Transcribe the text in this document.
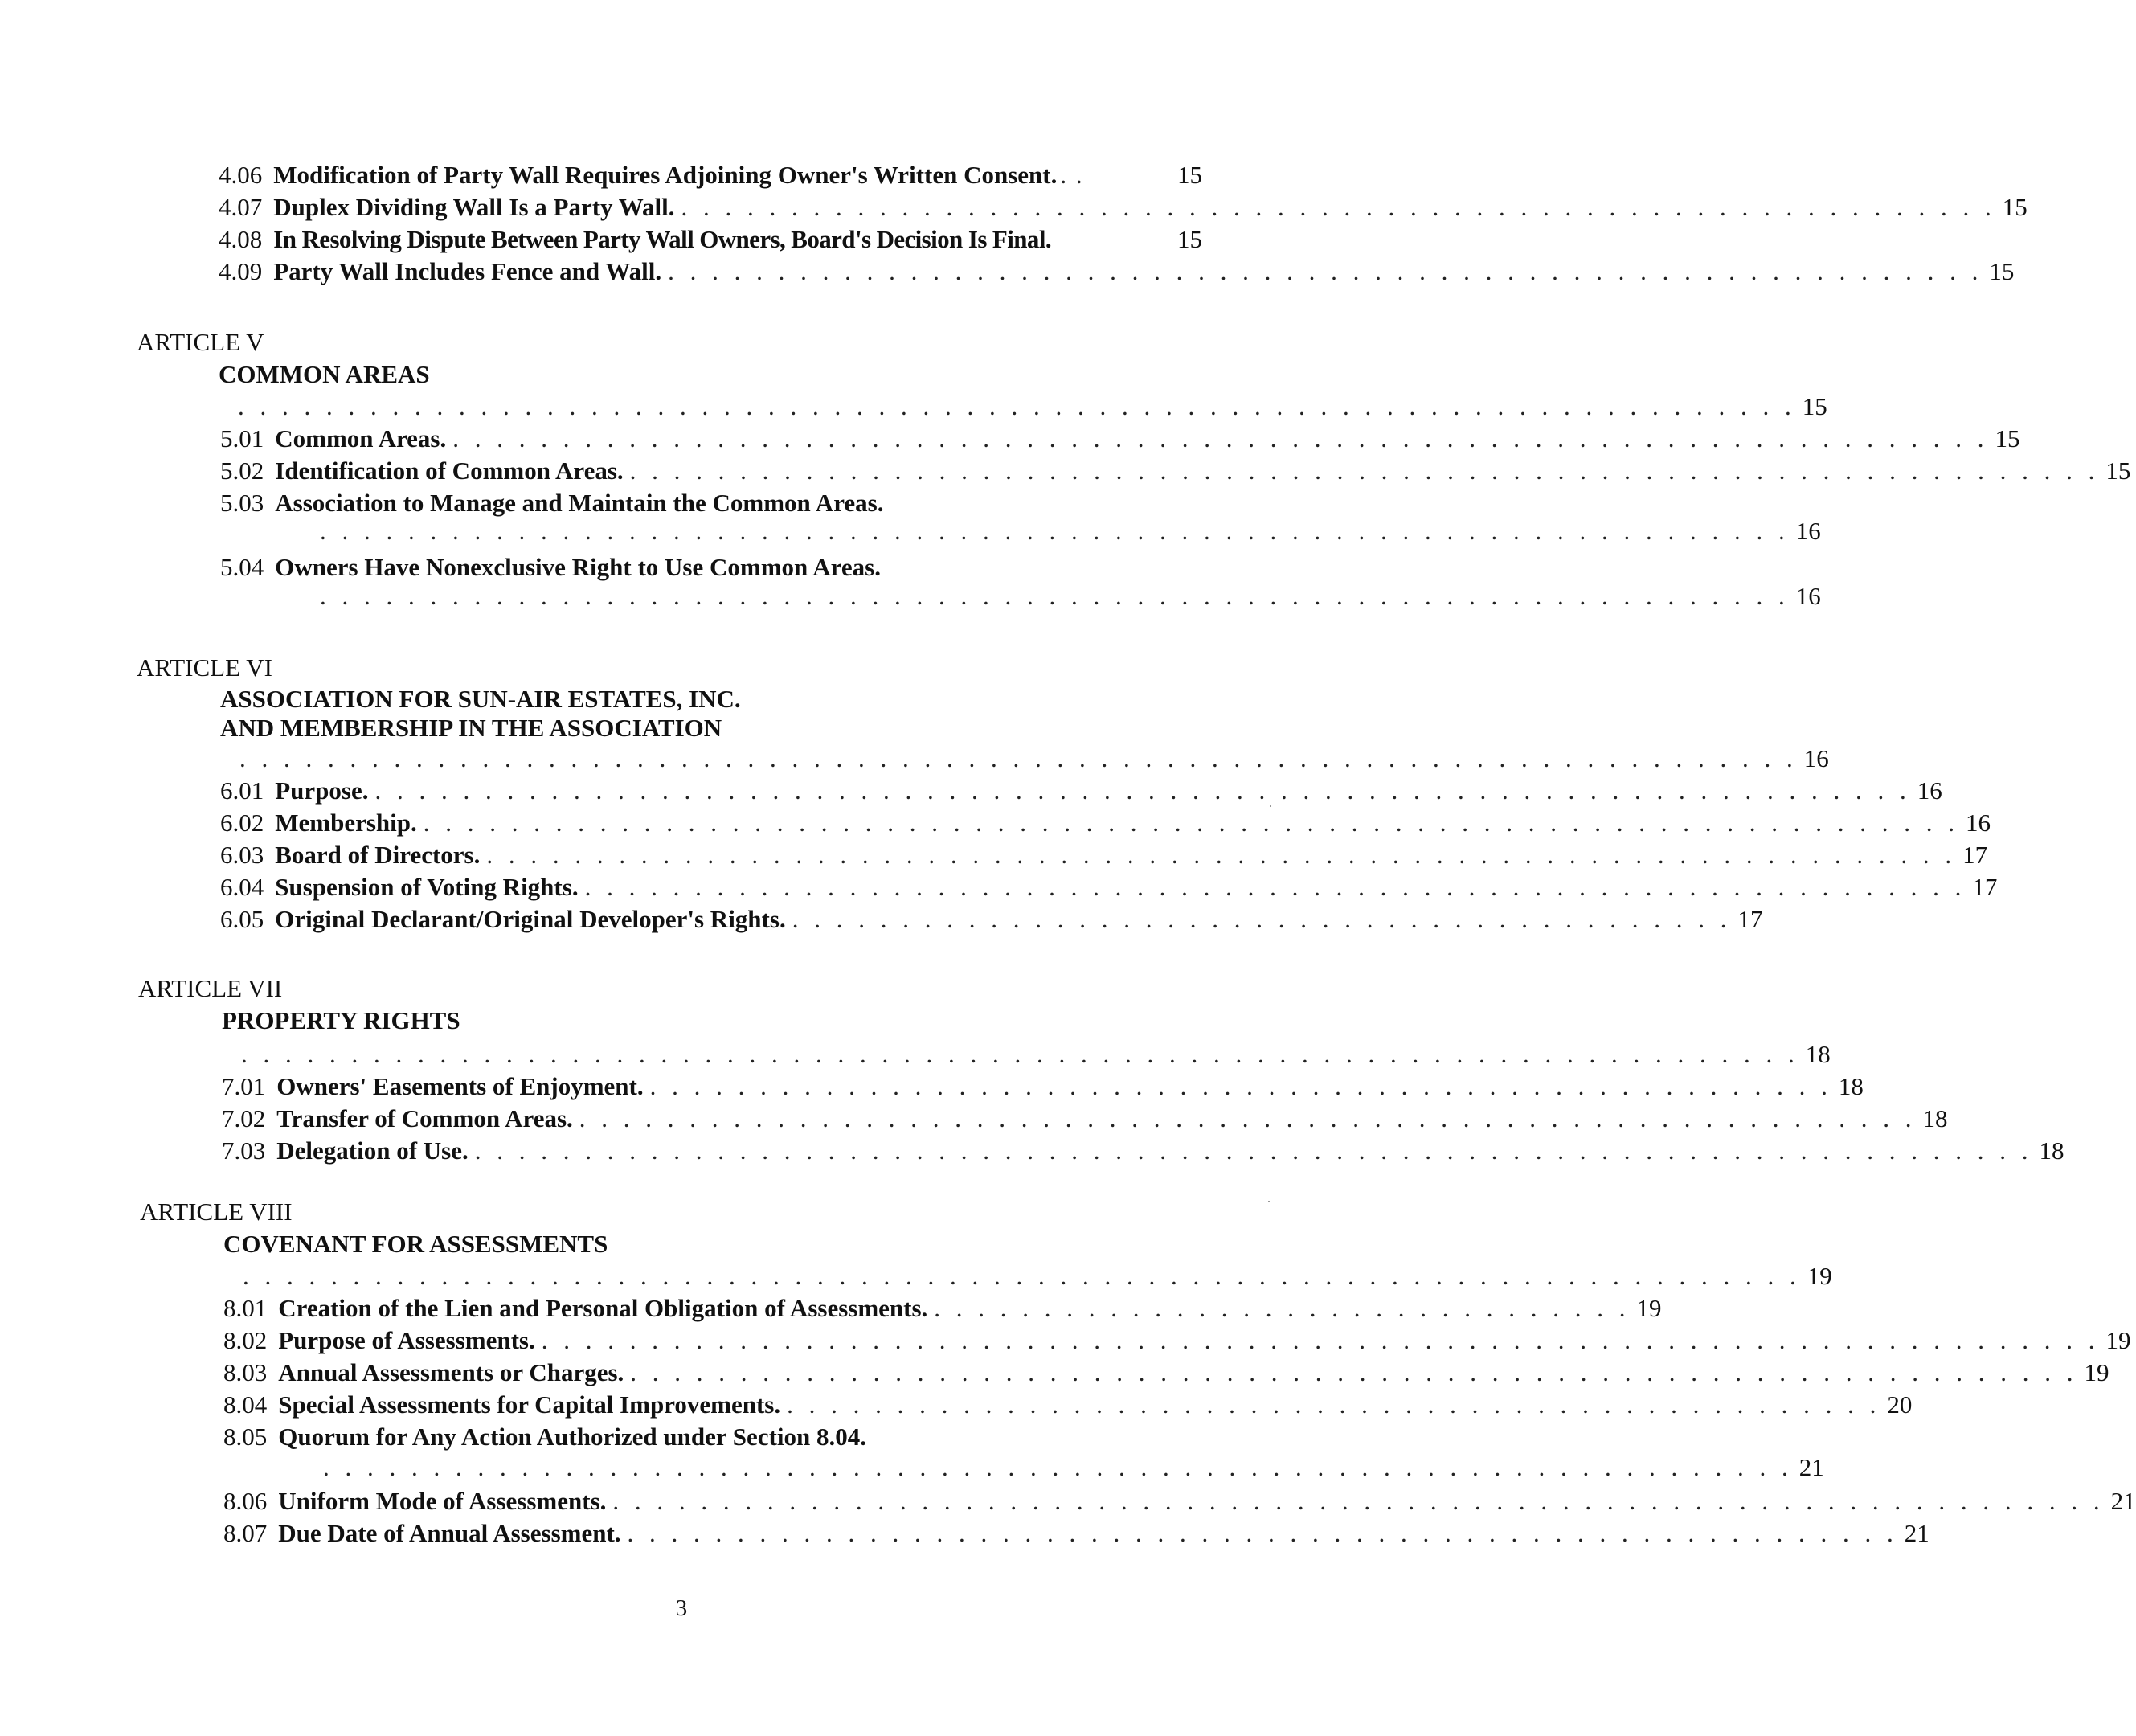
4.06 Modification of Party Wall Requires Adjoining Owner's Written Consent. . .	15
4.07 Duplex Dividing Wall Is a Party Wall. . . . . . . . . . . . . . . . . . . . . . . . . . . . . . . . . . . . . . . . . . . . . . . . . . . . . . . . . . . . . 15
4.08 In Resolving Dispute Between Party Wall Owners, Board's Decision Is Final.	15
4.09 Party Wall Includes Fence and Wall. . . . . . . . . . . . . . . . . . . . . . . . . . . . . . . . . . . . . . . . . . . . . . . . . . . . . . . . . . . . . 15
ARTICLE V
COMMON AREAS
. . . . . . . . . . . . . . . . . . . . . . . . . . . . . . . . . . . . . . . . . . . . . . . . . . . . . . . . . . . . . . . . . . . . . . . 15
5.01 Common Areas. . . . . . . . . . . . . . . . . . . . . . . . . . . . . . . . . . . . . . . . . . . . . . . . . . . . . . . . . . . . . . . . . . . . . . . 15
5.02 Identification of Common Areas. . . . . . . . . . . . . . . . . . . . . . . . . . . . . . . . . . . . . . . . . . . . . . . . . . . . . . . . . . . . . . . . . . . . 15
5.03 Association to Manage and Maintain the Common Areas.
. . . . . . . . . . . . . . . . . . . . . . . . . . . . . . . . . . . . . . . . . . . . . . . . . . . . . . . . . . . . . . . . . . . 16
5.04 Owners Have Nonexclusive Right to Use Common Areas.
. . . . . . . . . . . . . . . . . . . . . . . . . . . . . . . . . . . . . . . . . . . . . . . . . . . . . . . . . . . . . . . . . . . 16
ARTICLE VI
ASSOCIATION FOR SUN-AIR ESTATES, INC.
AND MEMBERSHIP IN THE ASSOCIATION
. . . . . . . . . . . . . . . . . . . . . . . . . . . . . . . . . . . . . . . . . . . . . . . . . . . . . . . . . . . . . . . . . . . . . . . 16
6.01 Purpose. . . . . . . . . . . . . . . . . . . . . . . . . . . . . . . . . . . . . . . . . . . . . . . . . . . . . . . . . . . . . . . . . . . . . . . 16
6.02 Membership. . . . . . . . . . . . . . . . . . . . . . . . . . . . . . . . . . . . . . . . . . . . . . . . . . . . . . . . . . . . . . . . . . . . . . . 16
6.03 Board of Directors. . . . . . . . . . . . . . . . . . . . . . . . . . . . . . . . . . . . . . . . . . . . . . . . . . . . . . . . . . . . . . . . . . . . 17
6.04 Suspension of Voting Rights. . . . . . . . . . . . . . . . . . . . . . . . . . . . . . . . . . . . . . . . . . . . . . . . . . . . . . . . . . . . . . . . 17
6.05 Original Declarant/Original Developer's Rights. . . . . . . . . . . . . . . . . . . . . . . . . . . . . . . . . . . . . . . . . . . . 17
ARTICLE VII
PROPERTY RIGHTS
. . . . . . . . . . . . . . . . . . . . . . . . . . . . . . . . . . . . . . . . . . . . . . . . . . . . . . . . . . . . . . . . . . . . . . . 18
7.01 Owners' Easements of Enjoyment. . . . . . . . . . . . . . . . . . . . . . . . . . . . . . . . . . . . . . . . . . . . . . . . . . . . . . . 18
7.02 Transfer of Common Areas. . . . . . . . . . . . . . . . . . . . . . . . . . . . . . . . . . . . . . . . . . . . . . . . . . . . . . . . . . . . . . 18
7.03 Delegation of Use. . . . . . . . . . . . . . . . . . . . . . . . . . . . . . . . . . . . . . . . . . . . . . . . . . . . . . . . . . . . . . . . . . . . . . . . 18
ARTICLE VIII
COVENANT FOR ASSESSMENTS
. . . . . . . . . . . . . . . . . . . . . . . . . . . . . . . . . . . . . . . . . . . . . . . . . . . . . . . . . . . . . . . . . . . . . . . 19
8.01 Creation of the Lien and Personal Obligation of Assessments. . . . . . . . . . . . . . . . . . . . . . . . . . . . . . . . . 19
8.02 Purpose of Assessments. . . . . . . . . . . . . . . . . . . . . . . . . . . . . . . . . . . . . . . . . . . . . . . . . . . . . . . . . . . . . . . . . . . . . . . . 19
8.03 Annual Assessments or Charges. . . . . . . . . . . . . . . . . . . . . . . . . . . . . . . . . . . . . . . . . . . . . . . . . . . . . . . . . . . . . . . . . . . 19
8.04 Special Assessments for Capital Improvements. . . . . . . . . . . . . . . . . . . . . . . . . . . . . . . . . . . . . . . . . . . . . . . . . . . 20
8.05 Quorum for Any Action Authorized under Section 8.04.
. . . . . . . . . . . . . . . . . . . . . . . . . . . . . . . . . . . . . . . . . . . . . . . . . . . . . . . . . . . . . . . . . . . 21
8.06 Uniform Mode of Assessments. . . . . . . . . . . . . . . . . . . . . . . . . . . . . . . . . . . . . . . . . . . . . . . . . . . . . . . . . . . . . . . . . . . . . 21
8.07 Due Date of Annual Assessment. . . . . . . . . . . . . . . . . . . . . . . . . . . . . . . . . . . . . . . . . . . . . . . . . . . . . . . . . . . 21
3
